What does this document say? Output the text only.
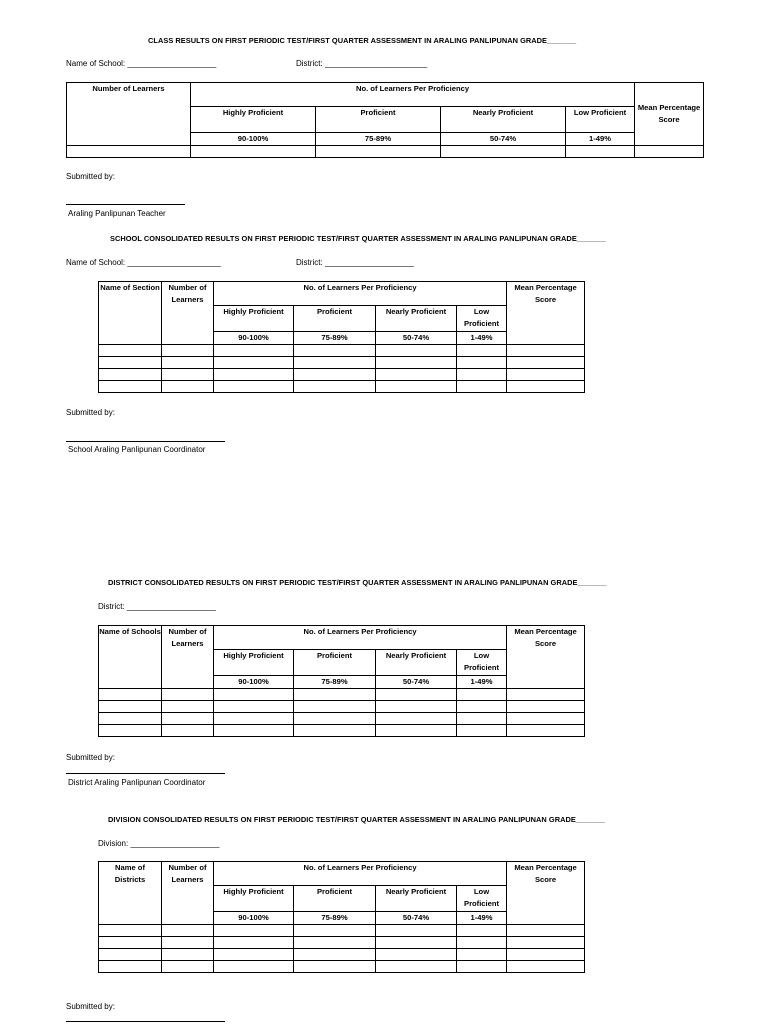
CLASS RESULTS ON FIRST PERIODIC TEST/FIRST QUARTER ASSESSMENT IN ARALING PANLIPUNAN GRADE_______
Name of School: ____________________	District: _______________________
Number of Learners	No. of Learners Per Proficiency				Mean Percentage Score
	Highly Proficient	Proficient	Nearly Proficient	Low Proficient	
	90-100%	75-89%	50-74%	1-49%	

Submitted by:
Araling Panlipunan Teacher
SCHOOL CONSOLIDATED RESULTS ON FIRST PERIODIC TEST/FIRST QUARTER ASSESSMENT IN ARALING PANLIPUNAN GRADE_______
Name of School: _____________________	District: ____________________
Name of Section	Number of Learners	No. of Learners Per Proficiency				Mean Percentage Score
		Highly Proficient	Proficient	Nearly Proficient	Low Proficient	
		90-100%	75-89%	50-74%	1-49%	

Submitted by:
School Araling Panlipunan Coordinator
DISTRICT CONSOLIDATED RESULTS ON FIRST PERIODIC TEST/FIRST QUARTER ASSESSMENT IN ARALING PANLIPUNAN GRADE_______
District: ____________________
Name of Schools	Number of Learners	No. of Learners Per Proficiency				Mean Percentage Score
		Highly Proficient	Proficient	Nearly Proficient	Low Proficient	
		90-100%	75-89%	50-74%	1-49%	

Submitted by:
District Araling Panlipunan Coordinator
DIVISION CONSOLIDATED RESULTS ON FIRST PERIODIC TEST/FIRST QUARTER ASSESSMENT IN ARALING PANLIPUNAN GRADE_______
Division: ____________________
Name of Districts	Number of Learners	No. of Learners Per Proficiency				Mean Percentage Score
		Highly Proficient	Proficient	Nearly Proficient	Low Proficient	
		90-100%	75-89%	50-74%	1-49%	

Submitted by:
